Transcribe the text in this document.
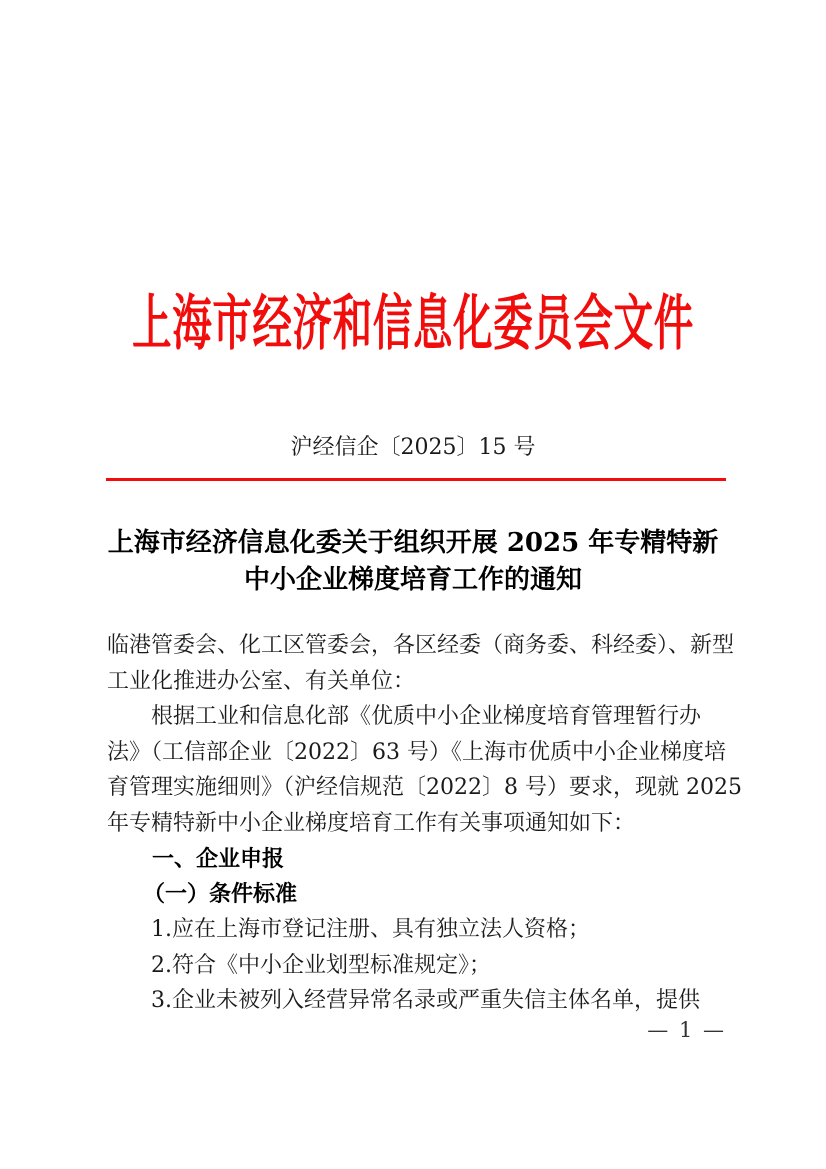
上海市经济和信息化委员会文件
沪经信企〔2025〕15 号
上海市经济信息化委关于组织开展 2025 年专精特新
中小企业梯度培育工作的通知
临港管委会、化工区管委会，各区经委（商务委、科经委）、新型
工业化推进办公室、有关单位：
根据工业和信息化部《优质中小企业梯度培育管理暂行办
法》（工信部企业〔2022〕63 号）《上海市优质中小企业梯度培
育管理实施细则》（沪经信规范〔2022〕8 号）要求，现就 2025
年专精特新中小企业梯度培育工作有关事项通知如下：
一、企业申报
（一）条件标准
1.应在上海市登记注册、具有独立法人资格；
2.符合《中小企业划型标准规定》；
3.企业未被列入经营异常名录或严重失信主体名单，提供
— 1 —
